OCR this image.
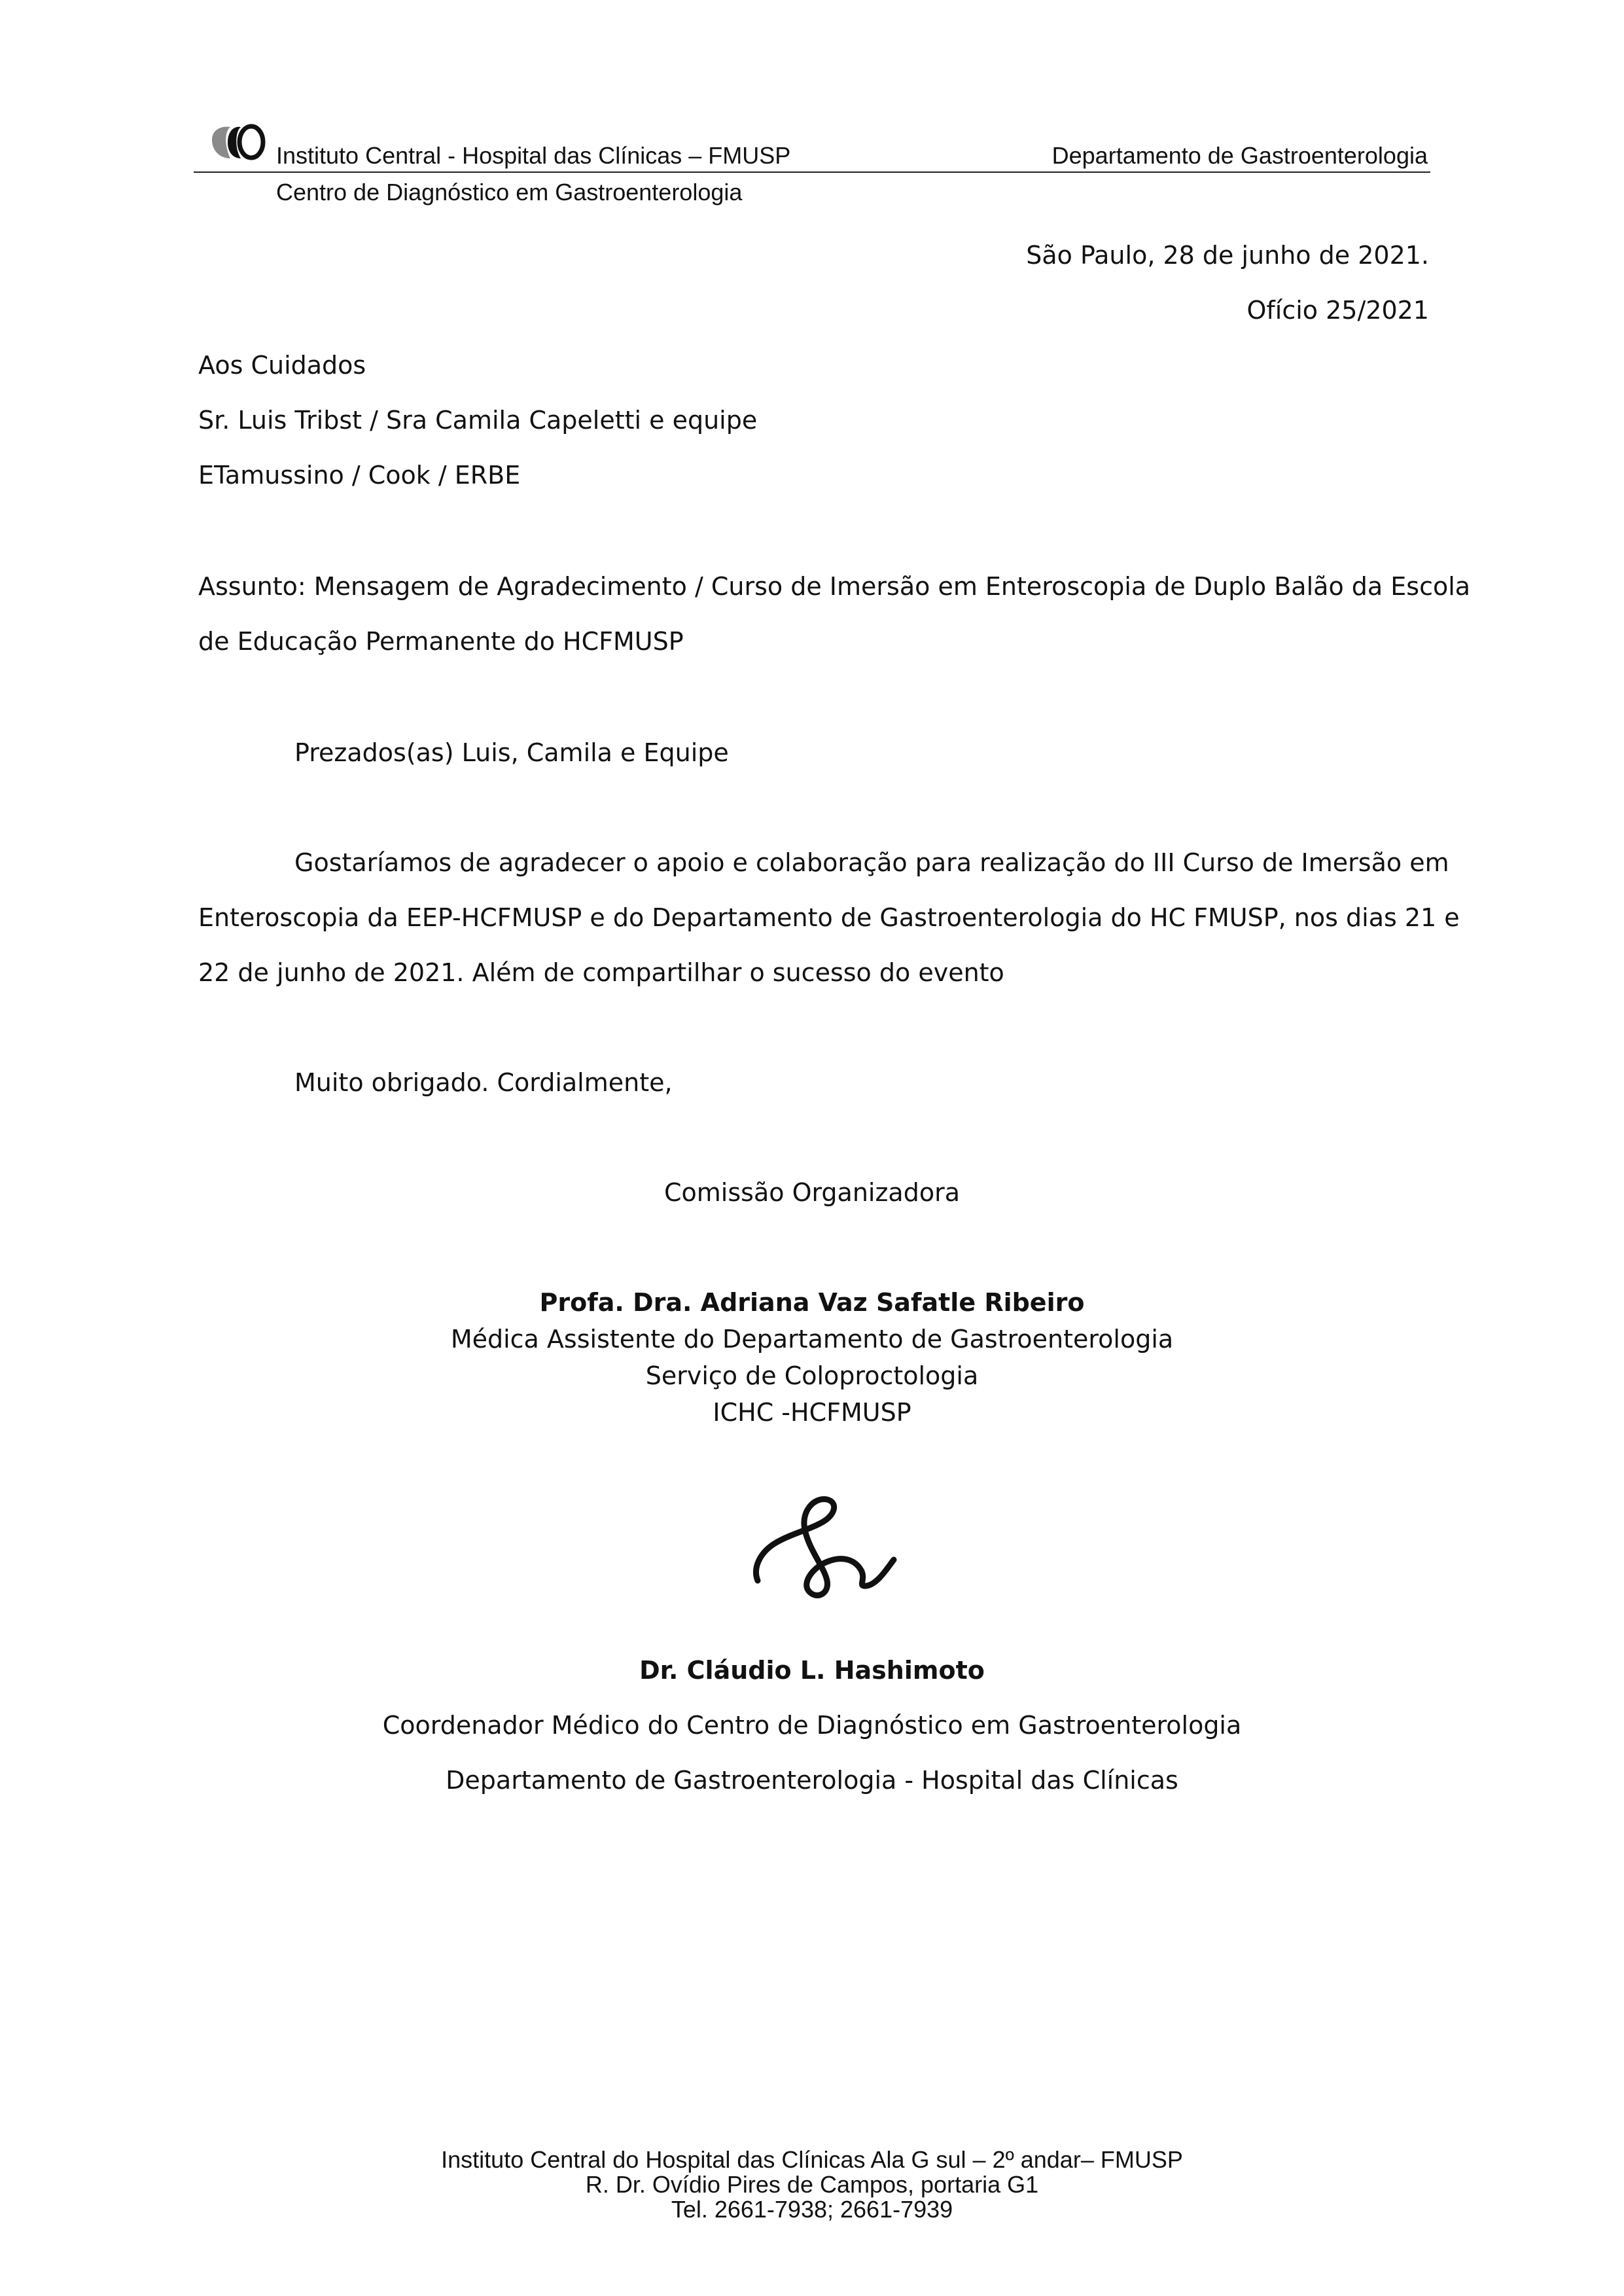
Instituto Central - Hospital das Clínicas – FMUSP	Departamento de Gastroenterologia
Centro de Diagnóstico em Gastroenterologia
São Paulo, 28 de junho de 2021.
Ofício 25/2021
Aos Cuidados
Sr. Luis Tribst / Sra Camila Capeletti e equipe
ETamussino / Cook / ERBE
Assunto: Mensagem de Agradecimento / Curso de Imersão em Enteroscopia de Duplo Balão da Escola
de Educação Permanente do HCFMUSP
Prezados(as) Luis, Camila e Equipe
Gostaríamos de agradecer o apoio e colaboração para realização do III Curso de Imersão em
Enteroscopia da EEP-HCFMUSP e do Departamento de Gastroenterologia do HC FMUSP, nos dias 21 e
22 de junho de 2021. Além de compartilhar o sucesso do evento
Muito obrigado. Cordialmente,
Comissão Organizadora
Profa. Dra. Adriana Vaz Safatle Ribeiro
Médica Assistente do Departamento de Gastroenterologia
Serviço de Coloproctologia
ICHC -HCFMUSP
Dr. Cláudio L. Hashimoto
Coordenador Médico do Centro de Diagnóstico em Gastroenterologia
Departamento de Gastroenterologia - Hospital das Clínicas
Instituto Central do Hospital das Clínicas Ala G sul – 2º andar– FMUSP
R. Dr. Ovídio Pires de Campos, portaria G1
Tel. 2661-7938; 2661-7939
